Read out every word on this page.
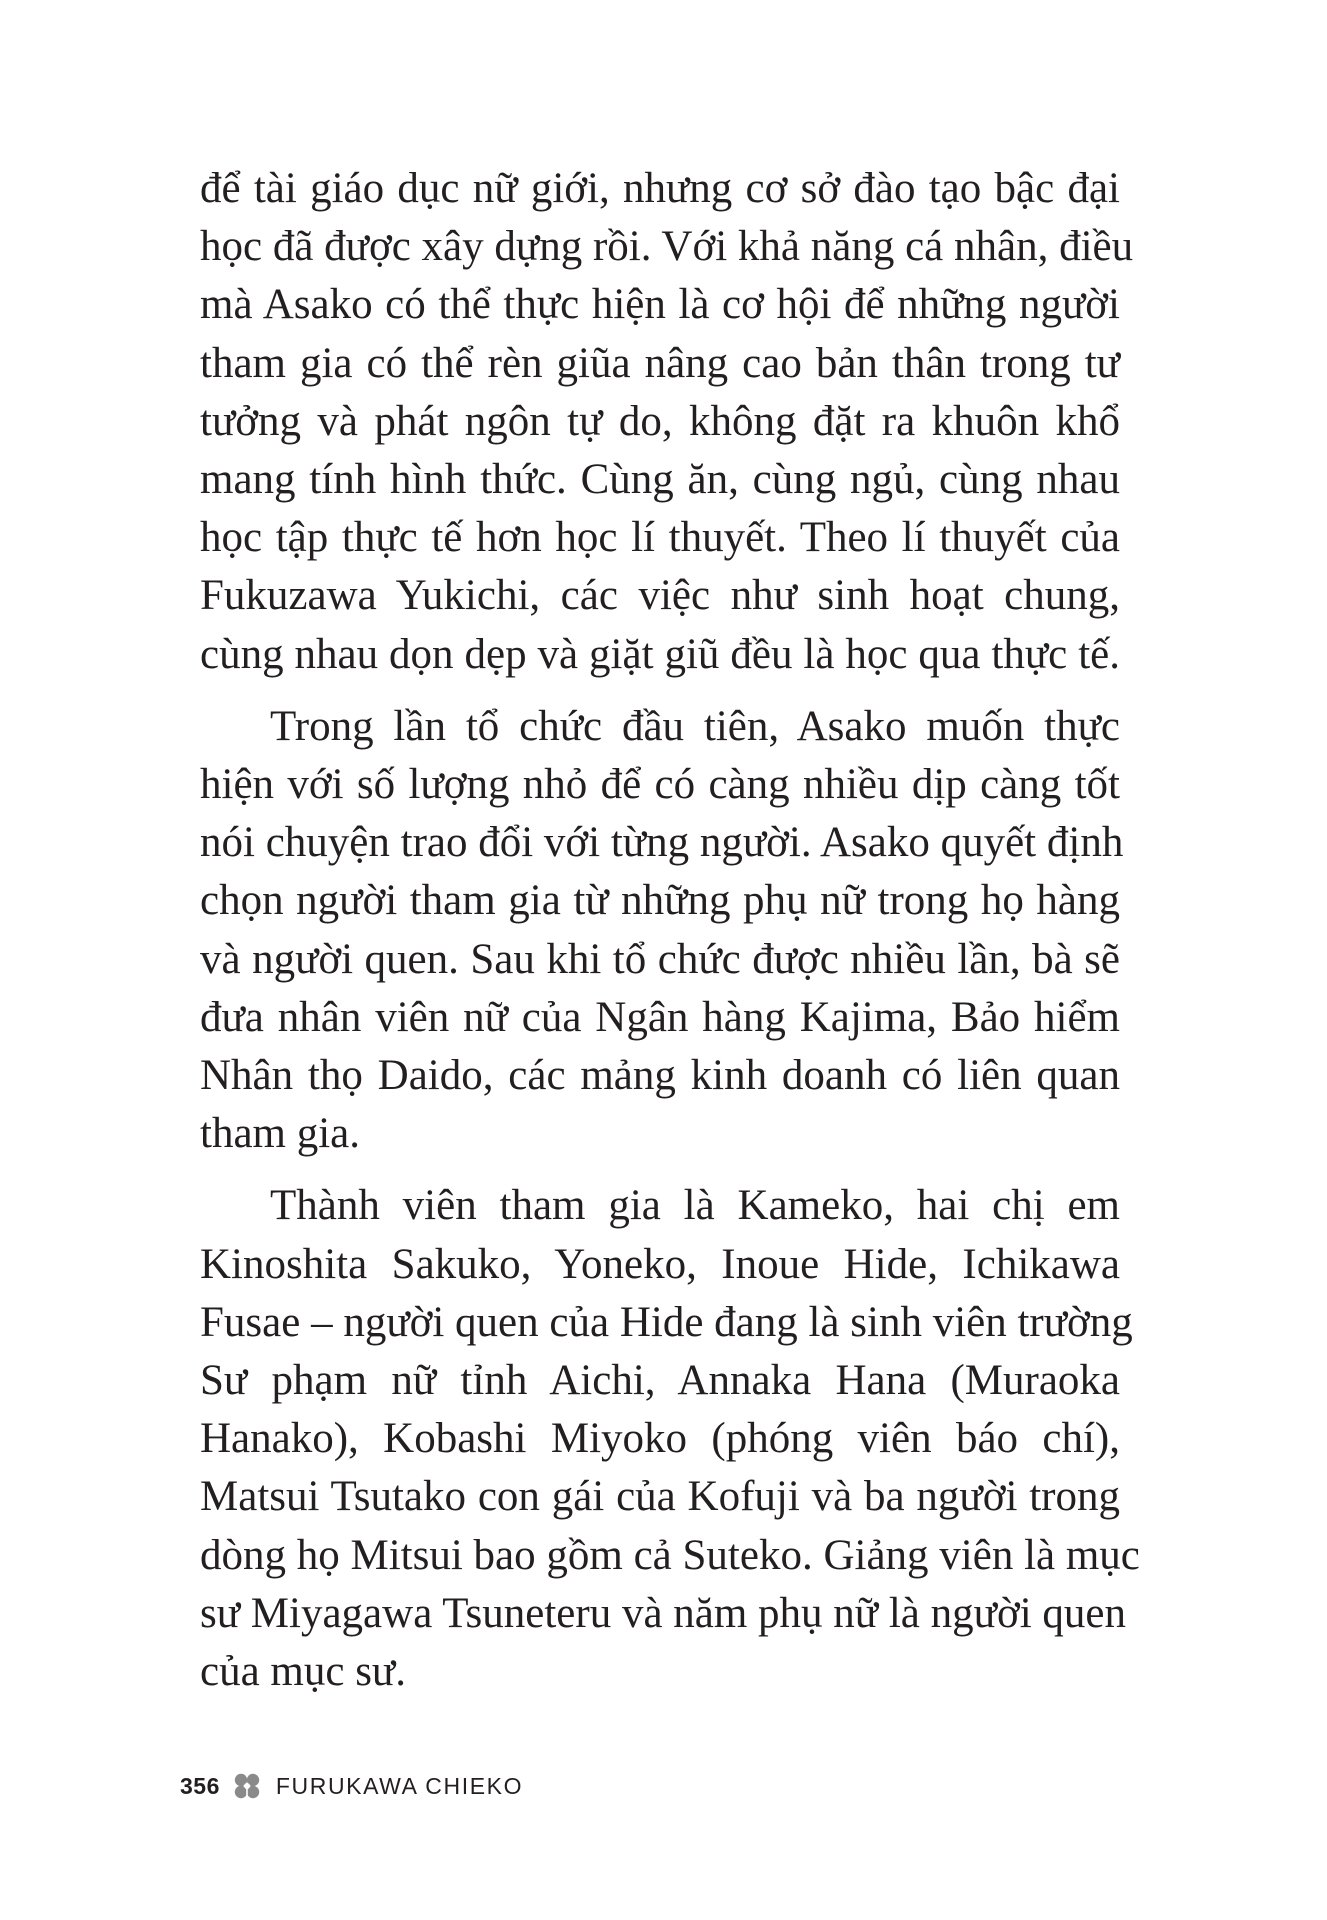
để tài giáo dục nữ giới, nhưng cơ sở đào tạo bậc đại
học đã được xây dựng rồi. Với khả năng cá nhân, điều
mà Asako có thể thực hiện là cơ hội để những người
tham gia có thể rèn giũa nâng cao bản thân trong tư
tưởng và phát ngôn tự do, không đặt ra khuôn khổ
mang tính hình thức. Cùng ăn, cùng ngủ, cùng nhau
học tập thực tế hơn học lí thuyết. Theo lí thuyết của
Fukuzawa Yukichi, các việc như sinh hoạt chung,
cùng nhau dọn dẹp và giặt giũ đều là học qua thực tế.

Trong lần tổ chức đầu tiên, Asako muốn thực
hiện với số lượng nhỏ để có càng nhiều dịp càng tốt
nói chuyện trao đổi với từng người. Asako quyết định
chọn người tham gia từ những phụ nữ trong họ hàng
và người quen. Sau khi tổ chức được nhiều lần, bà sẽ
đưa nhân viên nữ của Ngân hàng Kajima, Bảo hiểm
Nhân thọ Daido, các mảng kinh doanh có liên quan
tham gia.

Thành viên tham gia là Kameko, hai chị em
Kinoshita Sakuko, Yoneko, Inoue Hide, Ichikawa
Fusae – người quen của Hide đang là sinh viên trường
Sư phạm nữ tỉnh Aichi, Annaka Hana (Muraoka
Hanako), Kobashi Miyoko (phóng viên báo chí),
Matsui Tsutako con gái của Kofuji và ba người trong
dòng họ Mitsui bao gồm cả Suteko. Giảng viên là mục
sư Miyagawa Tsuneteru và năm phụ nữ là người quen
của mục sư.

356 FURUKAWA CHIEKO
